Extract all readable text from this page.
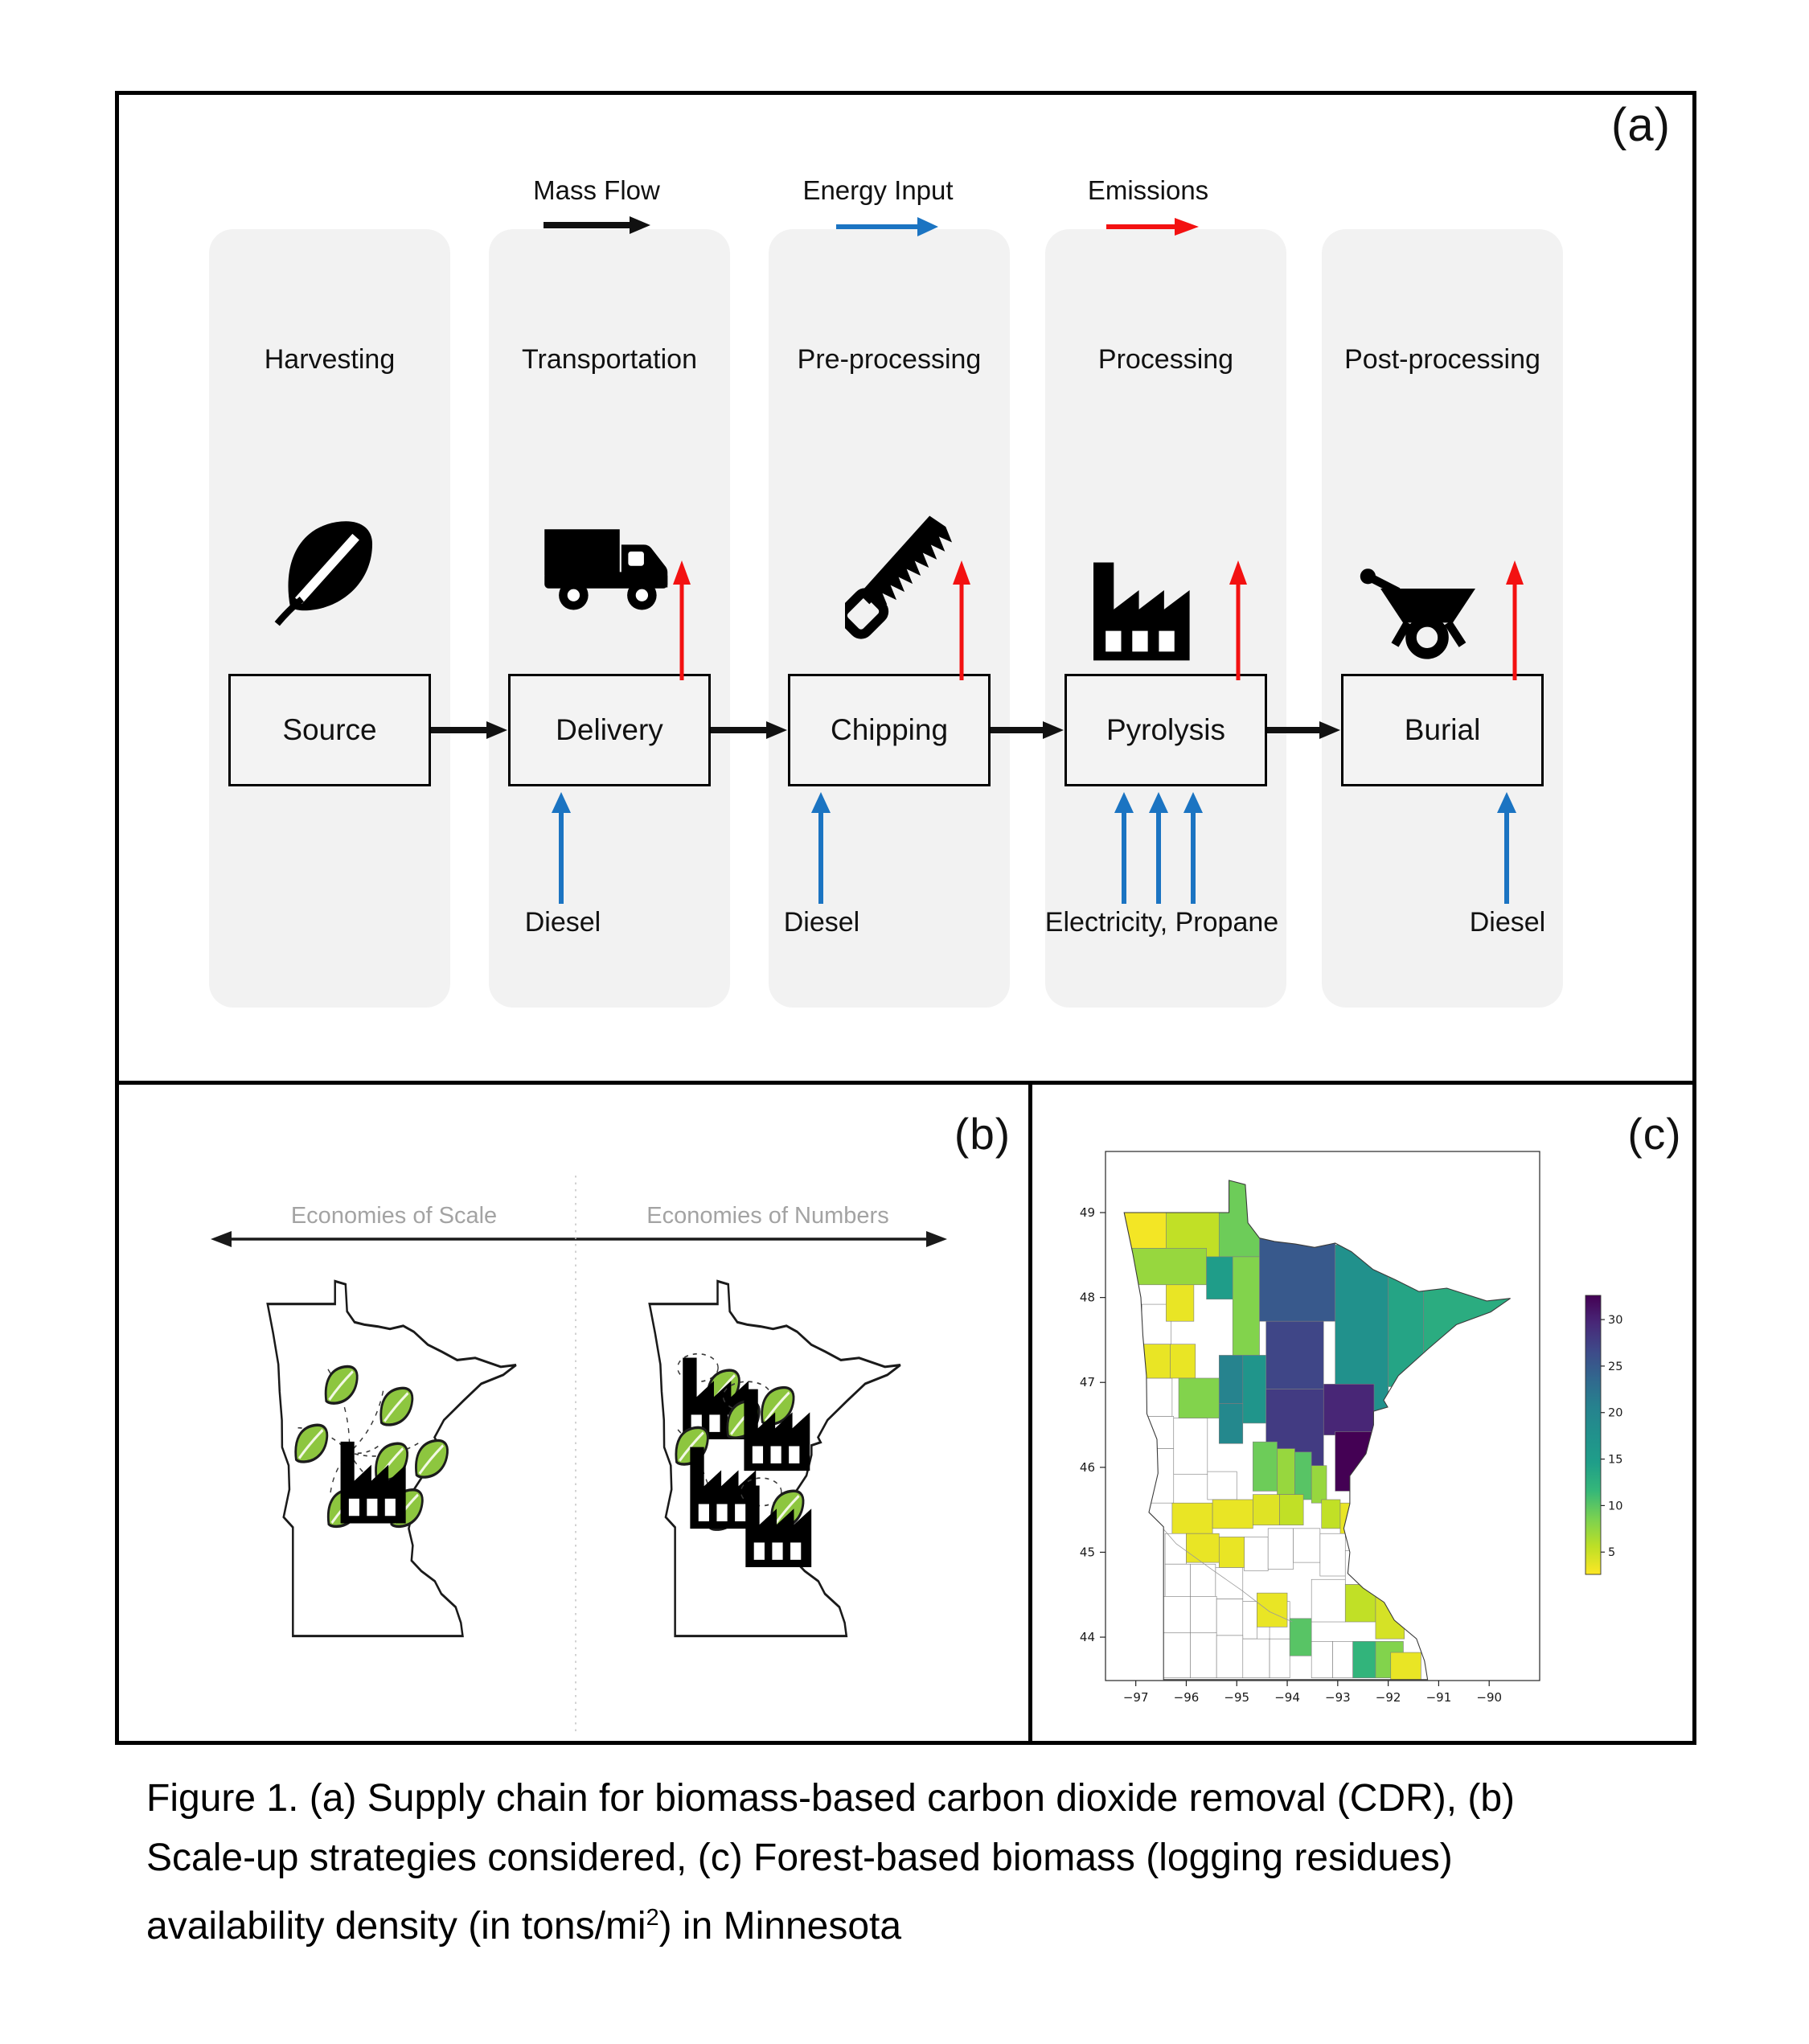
(a)
Mass Flow	Energy Input	Emissions
Harvesting	Transportation	Pre-processing	Processing	Post-processing
Source	Delivery	Chipping	Pyrolysis	Burial
Diesel	Diesel	Electricity, Propane	Diesel
(b)
Economies of Scale	Economies of Numbers
(c)
−97 −96 −95 −94 −93 −92 −91 −90
44
45
46
47
48
49
5
10
15
20
25
30
Figure 1. (a) Supply chain for biomass-based carbon dioxide removal (CDR), (b)
Scale-up strategies considered, (c) Forest-based biomass (logging residues)
availability density (in tons/$mi^2$) in Minnesota
